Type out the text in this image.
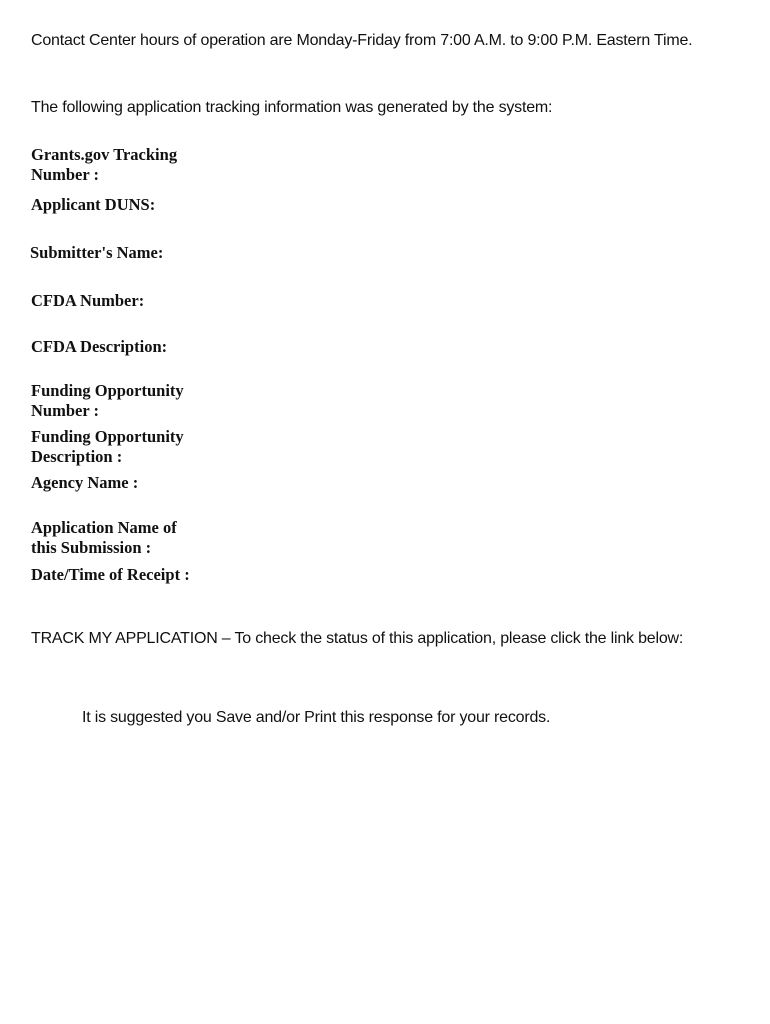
Contact Center hours of operation are Monday-Friday from 7:00 A.M. to 9:00 P.M. Eastern Time.
The following application tracking information was generated by the system:
Grants.gov Tracking
Number :
Applicant DUNS:
Submitter's Name:
CFDA Number:
CFDA Description:
Funding Opportunity
Number :
Funding Opportunity
Description :
Agency Name :
Application Name of
this Submission :
Date/Time of Receipt :
TRACK MY APPLICATION – To check the status of this application, please click the link below:
It is suggested you Save and/or Print this response for your records.
